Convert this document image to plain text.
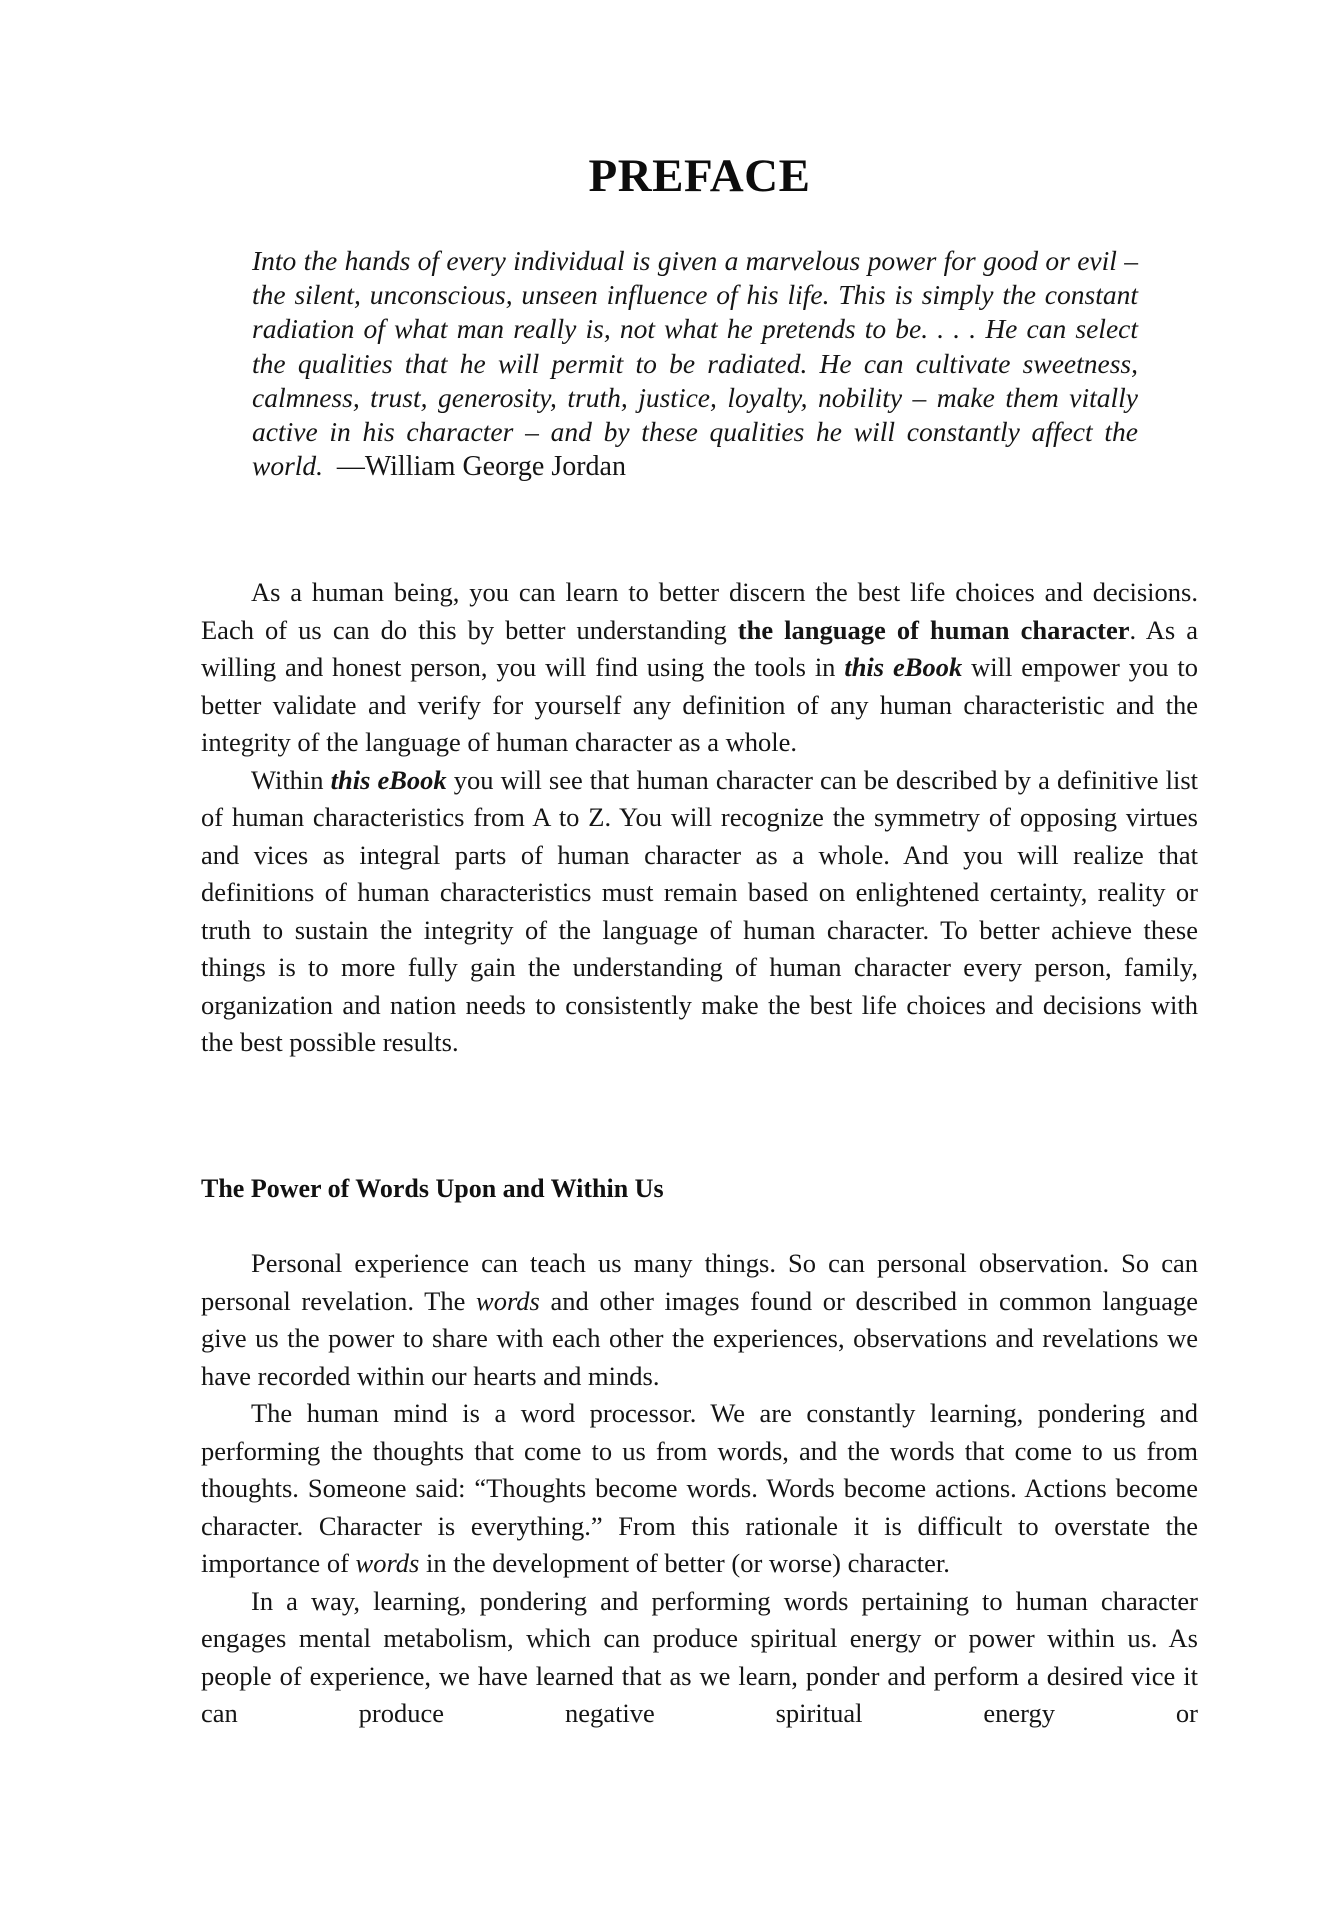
PREFACE
Into the hands of every individual is given a marvelous power for good or evil – the silent, unconscious, unseen influence of his life. This is simply the constant radiation of what man really is, not what he pretends to be. . . . He can select the qualities that he will permit to be radiated. He can cultivate sweetness, calmness, trust, generosity, truth, justice, loyalty, nobility – make them vitally active in his character – and by these qualities he will constantly affect the world. —William George Jordan

As a human being, you can learn to better discern the best life choices and decisions. Each of us can do this by better understanding the language of human character. As a willing and honest person, you will find using the tools in this eBook will empower you to better validate and verify for yourself any definition of any human characteristic and the integrity of the language of human character as a whole.

Within this eBook you will see that human character can be described by a definitive list of human characteristics from A to Z. You will recognize the symmetry of opposing virtues and vices as integral parts of human character as a whole. And you will realize that definitions of human characteristics must remain based on enlightened certainty, reality or truth to sustain the integrity of the language of human character. To better achieve these things is to more fully gain the understanding of human character every person, family, organization and nation needs to consistently make the best life choices and decisions with the best possible results.

The Power of Words Upon and Within Us

Personal experience can teach us many things. So can personal observation. So can personal revelation. The words and other images found or described in common language give us the power to share with each other the experiences, observations and revelations we have recorded within our hearts and minds.

The human mind is a word processor. We are constantly learning, pondering and performing the thoughts that come to us from words, and the words that come to us from thoughts. Someone said: “Thoughts become words. Words become actions. Actions become character. Character is everything.” From this rationale it is difficult to overstate the importance of words in the development of better (or worse) character.

In a way, learning, pondering and performing words pertaining to human character engages mental metabolism, which can produce spiritual energy or power within us. As people of experience, we have learned that as we learn, ponder and perform a desired vice it can produce negative spiritual energy or
